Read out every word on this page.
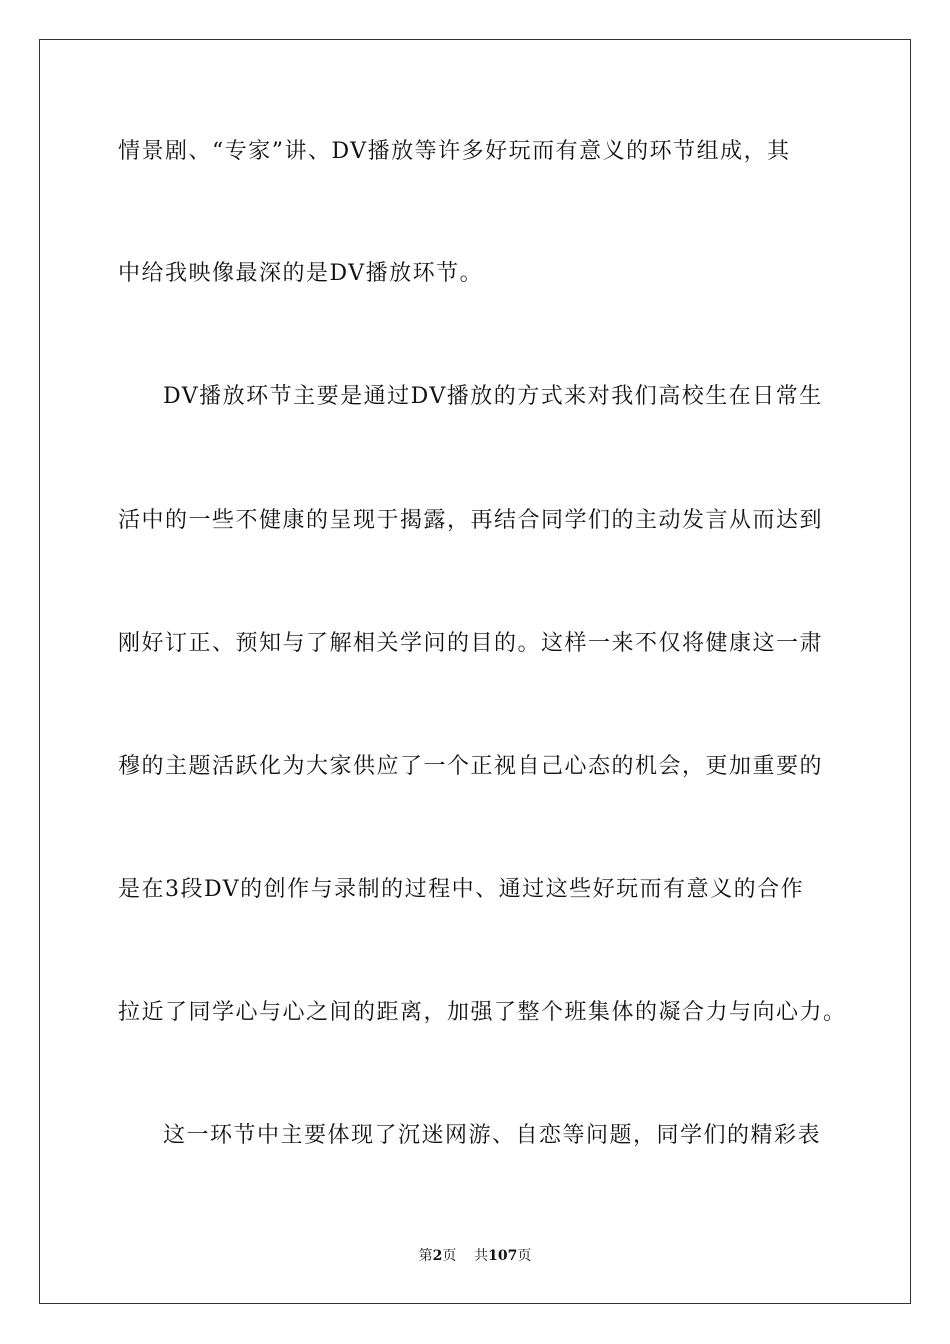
情景剧、“专家”讲、DV播放等许多好玩而有意义的环节组成，其
中给我映像最深的是DV播放环节。
DV播放环节主要是通过DV播放的方式来对我们高校生在日常生
活中的一些不健康的呈现于揭露，再结合同学们的主动发言从而达到
刚好订正、预知与了解相关学问的目的。这样一来不仅将健康这一肃
穆的主题活跃化为大家供应了一个正视自己心态的机会，更加重要的
是在3段DV的创作与录制的过程中、通过这些好玩而有意义的合作
拉近了同学心与心之间的距离，加强了整个班集体的凝合力与向心力。
这一环节中主要体现了沉迷网游、自恋等问题，同学们的精彩表
第2页 共107页
